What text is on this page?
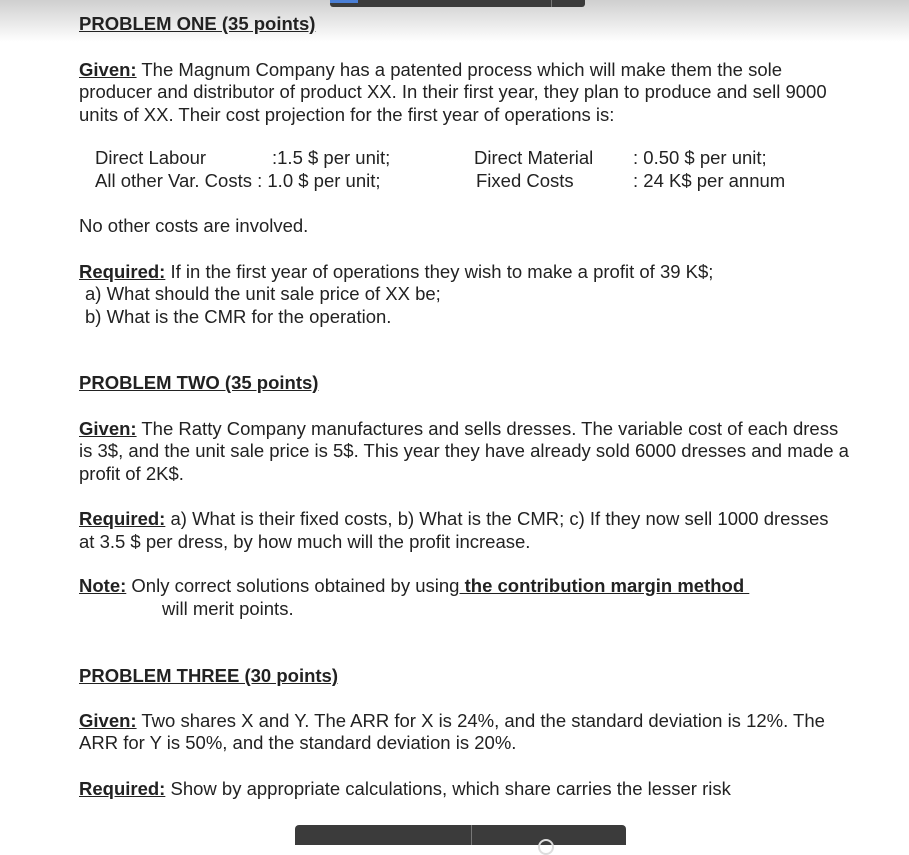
PROBLEM ONE (35 points)

Given: The Magnum Company has a patented process which will make them the sole producer and distributor of product XX. In their first year, they plan to produce and sell 9000 units of XX. Their cost projection for the first year of operations is:

Direct Labour	:1.5 $ per unit;
All other Var. Costs : 1.0 $ per unit;
Direct Material : 0.50 $ per unit;
Fixed Costs	: 24 K$ per annum

No other costs are involved.

Required: If in the first year of operations they wish to make a profit of 39 K$;

a) What should the unit sale price of XX be;
b) What is the CMR for the operation.
PROBLEM TWO (35 points)

Given: The Ratty Company manufactures and sells dresses. The variable cost of each dress is 3$, and the unit sale price is 5$. This year they have already sold 6000 dresses and made a profit of 2K$.

Required: a) What is their fixed costs, b) What is the CMR; c) If they now sell 1000 dresses at 3.5 $ per dress, by how much will the profit increase.

Note: Only correct solutions obtained by using the contribution margin method
will merit points.

PROBLEM THREE (30 points)

Given: Two shares X and Y. The ARR for X is 24%, and the standard deviation is 12%. The ARR for Y is 50%, and the standard deviation is 20%.

Required: Show by appropriate calculations, which share carries the lesser risk
